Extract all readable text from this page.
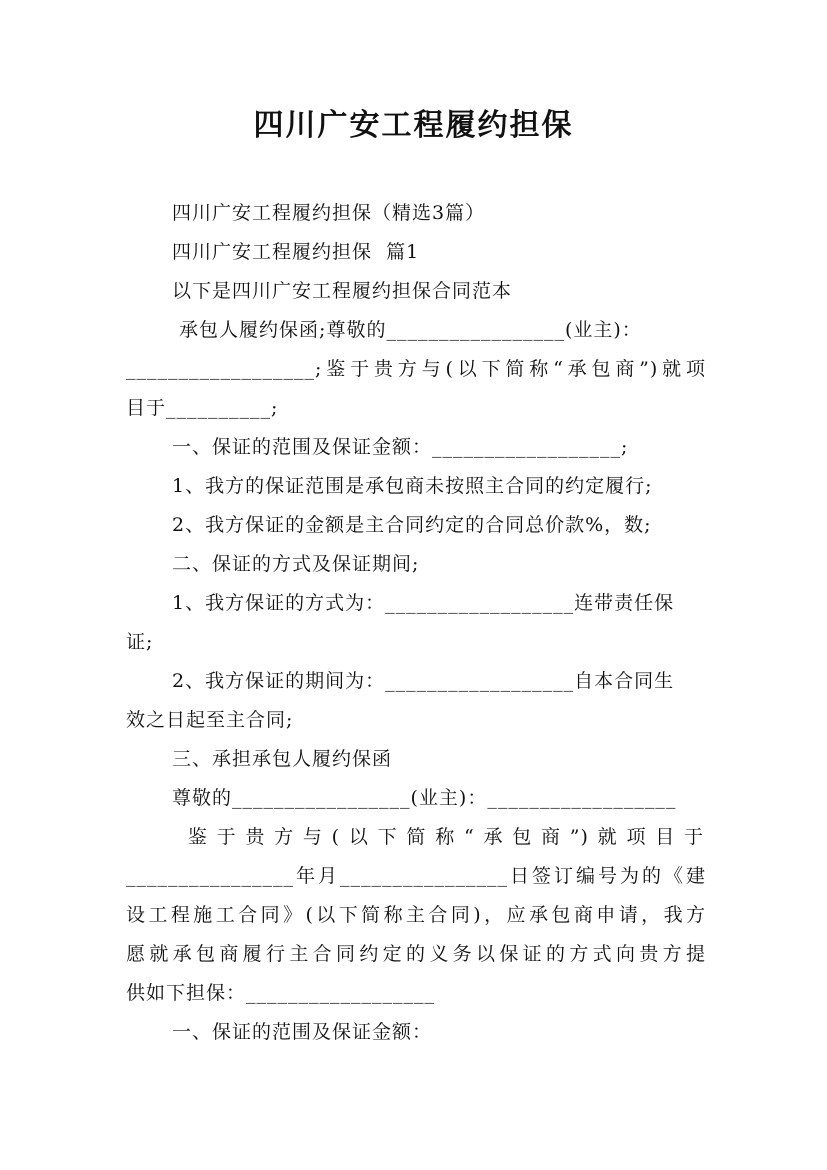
四川广安工程履约担保
四川广安工程履约担保（精选3篇）
四川广安工程履约担保  篇1
以下是四川广安工程履约担保合同范本
承包人履约保函;尊敬的_________________(业主)：
__________________;鉴于贵方与(以下简称“承包商”)就项
目于__________;
一、保证的范围及保证金额：__________________;
1、我方的保证范围是承包商未按照主合同的约定履行;
2、我方保证的金额是主合同约定的合同总价款%，数;
二、保证的方式及保证期间;
1、我方保证的方式为：__________________连带责任保
证;
2、我方保证的期间为：__________________自本合同生
效之日起至主合同;
三、承担承包人履约保函
尊敬的_________________(业主)：__________________
鉴于贵方与(以下简称“承包商”)就项目于
________________年月________________日签订编号为的《建
设工程施工合同》(以下简称主合同)，应承包商申请，我方
愿就承包商履行主合同约定的义务以保证的方式向贵方提
供如下担保：__________________
一、保证的范围及保证金额：
